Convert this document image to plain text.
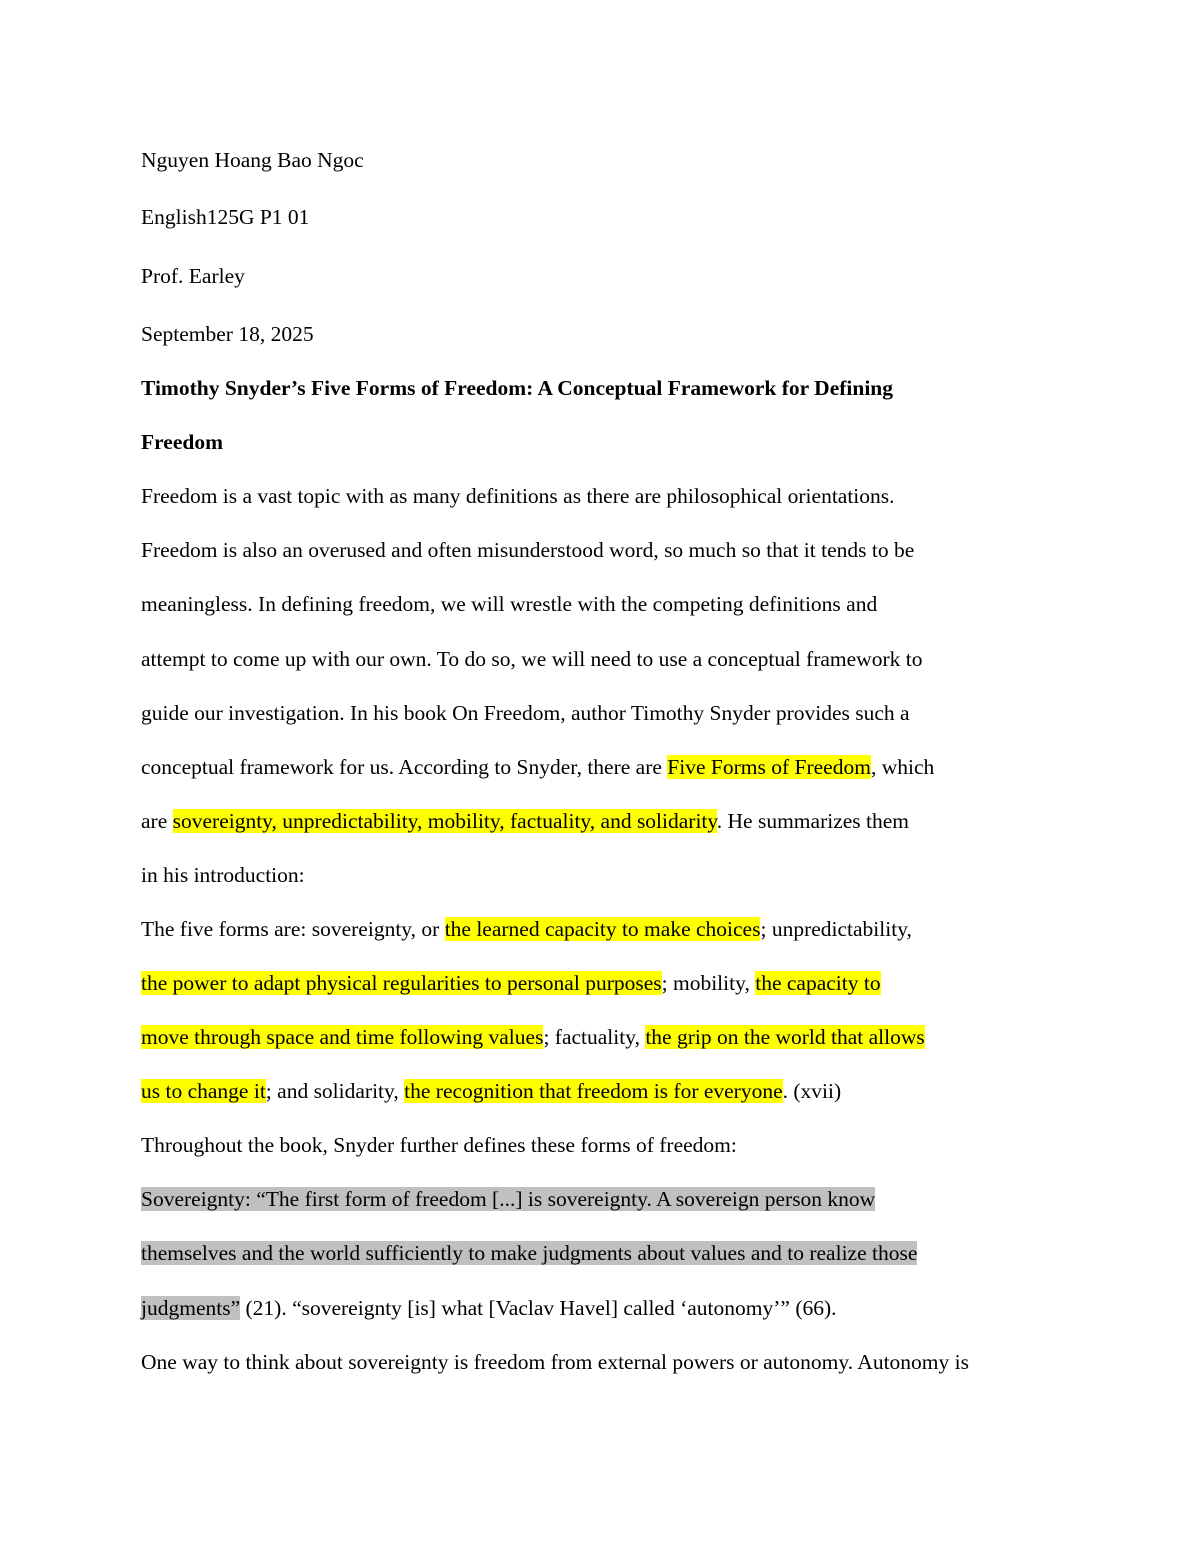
Nguyen Hoang Bao Ngoc
English125G P1 01
Prof. Earley
September 18, 2025
Timothy Snyder’s Five Forms of Freedom: A Conceptual Framework for Defining
Freedom
Freedom is a vast topic with as many definitions as there are philosophical orientations.
Freedom is also an overused and often misunderstood word, so much so that it tends to be
meaningless. In defining freedom, we will wrestle with the competing definitions and
attempt to come up with our own. To do so, we will need to use a conceptual framework to
guide our investigation. In his book On Freedom, author Timothy Snyder provides such a
conceptual framework for us. According to Snyder, there are Five Forms of Freedom, which
are sovereignty, unpredictability, mobility, factuality, and solidarity. He summarizes them
in his introduction:
The five forms are: sovereignty, or the learned capacity to make choices; unpredictability,
the power to adapt physical regularities to personal purposes; mobility, the capacity to
move through space and time following values; factuality, the grip on the world that allows
us to change it; and solidarity, the recognition that freedom is for everyone. (xvii)
Throughout the book, Snyder further defines these forms of freedom:
Sovereignty: “The first form of freedom [...] is sovereignty. A sovereign person know
themselves and the world sufficiently to make judgments about values and to realize those
judgments” (21). “sovereignty [is] what [Vaclav Havel] called ‘autonomy’” (66).
One way to think about sovereignty is freedom from external powers or autonomy. Autonomy is
